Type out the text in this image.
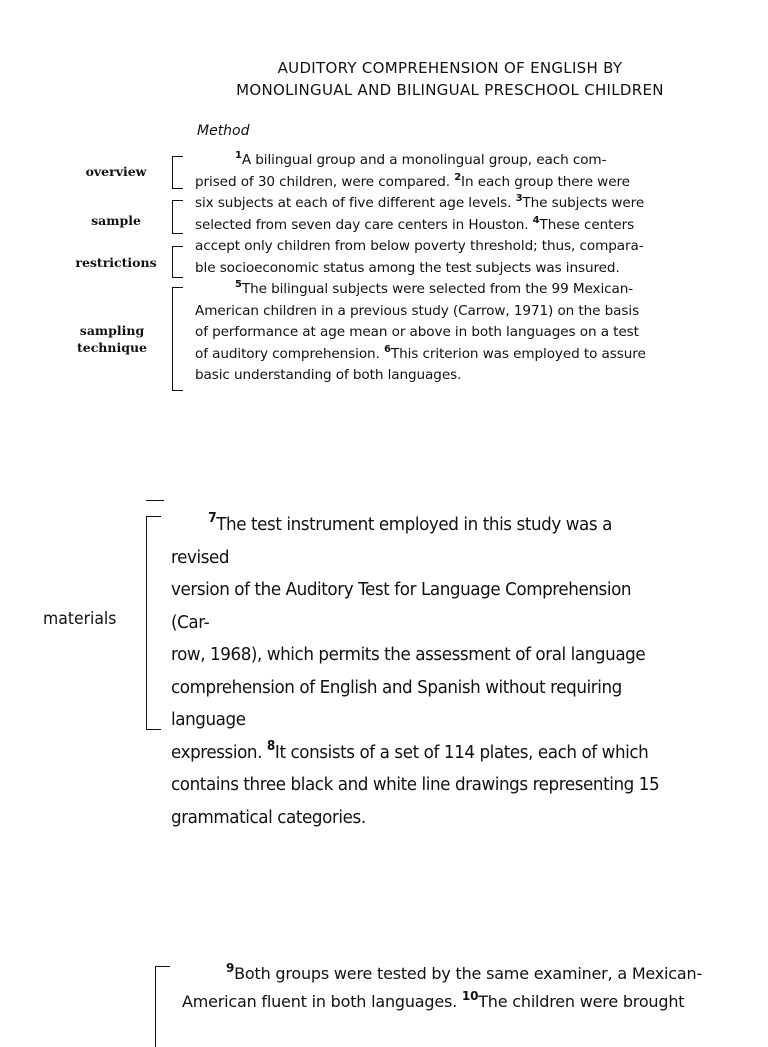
AUDITORY COMPREHENSION OF ENGLISH BY
MONOLINGUAL AND BILINGUAL PRESCHOOL CHILDREN
Method
overview
sample
restrictions
sampling
technique

$^1$A bilingual group and a monolingual group, each com-

prised of 30 children, were compared. $^2$In each group there were

six subjects at each of five different age levels. $^3$The subjects were

selected from seven day care centers in Houston. $^4$These centers

accept only children from below poverty threshold; thus, compara-

ble socioeconomic status among the test subjects was insured.

$^5$The bilingual subjects were selected from the 99 Mexican-

American children in a previous study (Carrow, 1971) on the basis

of performance at age mean or above in both languages on a test

of auditory comprehension. $^6$This criterion was employed to assure

basic understanding of both languages.

materials

$^7$The test instrument employed in this study was a revised

version of the Auditory Test for Language Comprehension (Car-

row, 1968), which permits the assessment of oral language

comprehension of English and Spanish without requiring language

expression. $^8$It consists of a set of 114 plates, each of which

contains three black and white line drawings representing 15

grammatical categories.

$^9$Both groups were tested by the same examiner, a Mexican-
American fluent in both languages. $^{10}$The children were brought
